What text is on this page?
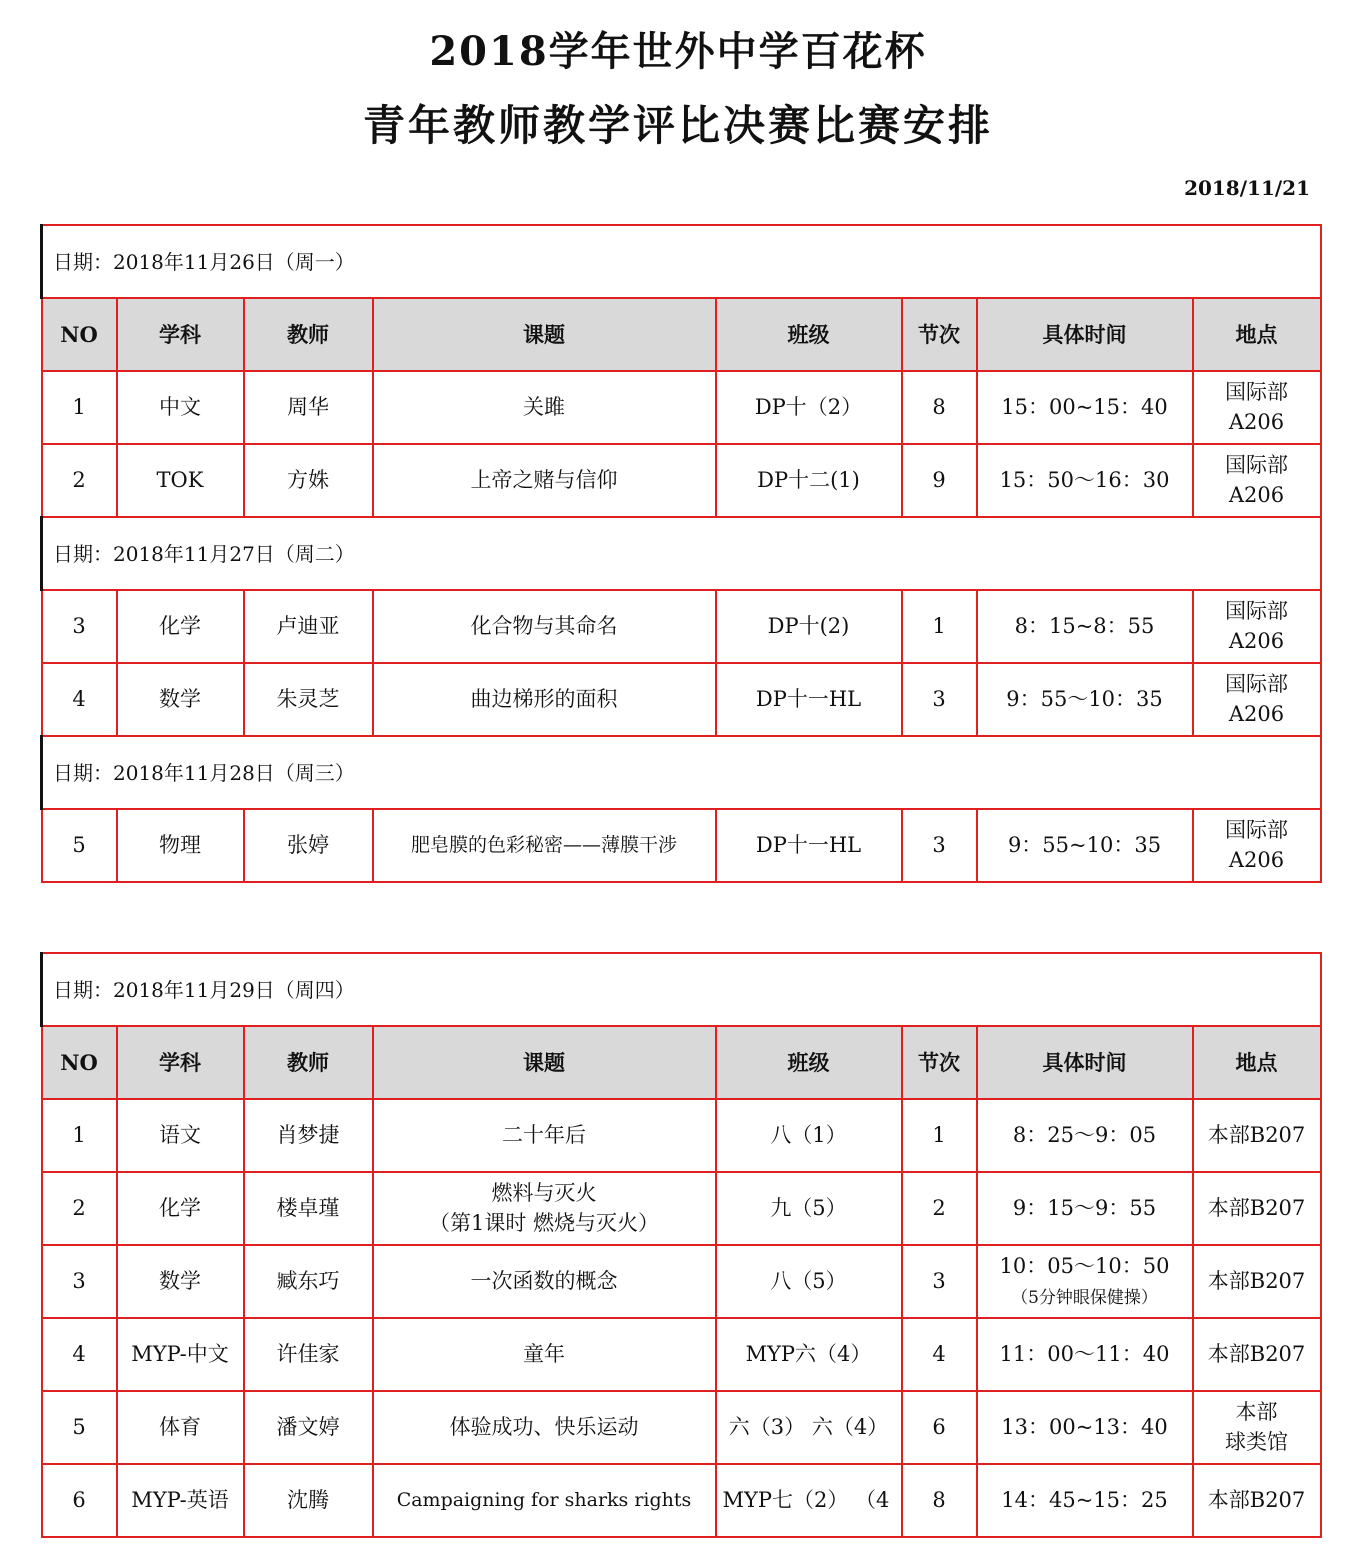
2018学年世外中学百花杯
青年教师教学评比决赛比赛安排
2018/11/21
日期：2018年11月26日（周一）							
NO	学科	教师	课题	班级	节次	具体时间	地点
1	中文	周华	关雎	DP十（2）	8	15：00~15：40	国际部
A206
2	TOK	方姝	上帝之赌与信仰	DP十二(1)	9	15：50～16：30	国际部
A206
日期：2018年11月27日（周二）							
3	化学	卢迪亚	化合物与其命名	DP十(2)	1	8：15~8：55	国际部
A206
4	数学	朱灵芝	曲边梯形的面积	DP十一HL	3	9：55～10：35	国际部
A206
日期：2018年11月28日（周三）							
5	物理	张婷	肥皂膜的色彩秘密——薄膜干涉	DP十一HL	3	9：55~10：35	国际部
A206
日期：2018年11月29日（周四）							
NO	学科	教师	课题	班级	节次	具体时间	地点
1	语文	肖梦捷	二十年后	八（1）	1	8：25～9：05	本部B207
2	化学	楼卓瑾	燃料与灭火
（第1课时 燃烧与灭火）	九（5）	2	9：15～9：55	本部B207
3	数学	臧东巧	一次函数的概念	八（5）	3	10：05～10：50
（5分钟眼保健操）	本部B207
4	MYP-中文	许佳家	童年	MYP六（4）	4	11：00～11：40	本部B207
5	体育	潘文婷	体验成功、快乐运动	六（3） 六（4）	6	13：00~13：40	本部
球类馆
6	MYP-英语	沈腾	Campaigning for sharks rights	MYP七（2） （4	8	14：45~15：25	本部B207
